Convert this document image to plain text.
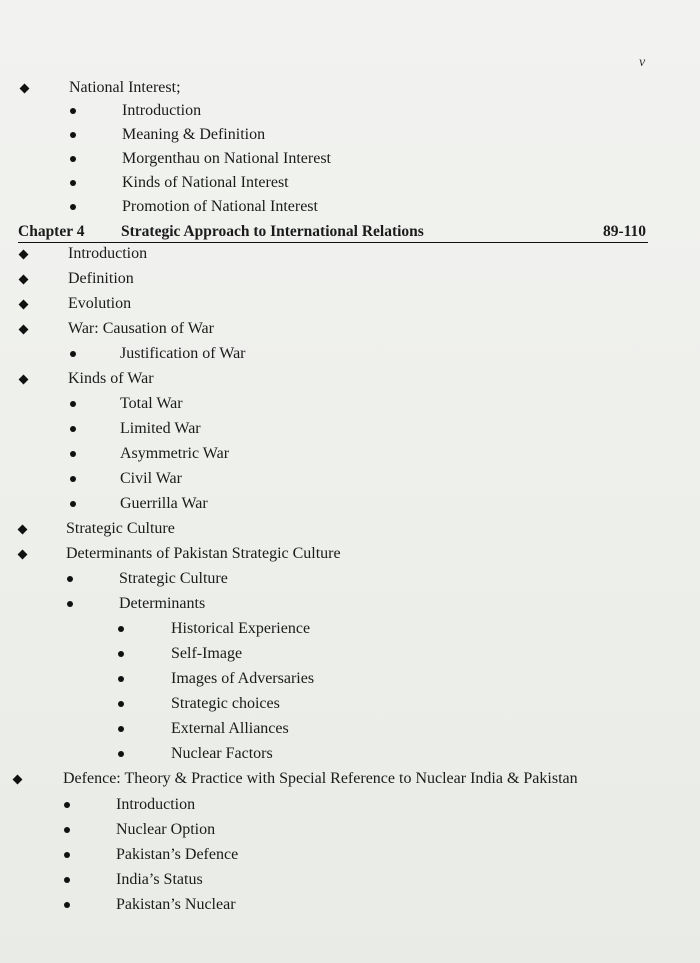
v
National Interest;
Introduction
Meaning & Definition
Morgenthau on National Interest
Kinds of National Interest
Promotion of National Interest
Chapter 4 Strategic Approach to International Relations	89-110
Introduction
Definition
Evolution
War: Causation of War
Justification of War
Kinds of War
Total War
Limited War
Asymmetric War
Civil War
Guerrilla War
Strategic Culture
Determinants of Pakistan Strategic Culture
Strategic Culture
Determinants
Historical Experience
Self-Image
Images of Adversaries
Strategic choices
External Alliances
Nuclear Factors
Defence: Theory & Practice with Special Reference to Nuclear India & Pakistan
Introduction
Nuclear Option
Pakistan’s Defence
India’s Status
Pakistan’s Nuclear
